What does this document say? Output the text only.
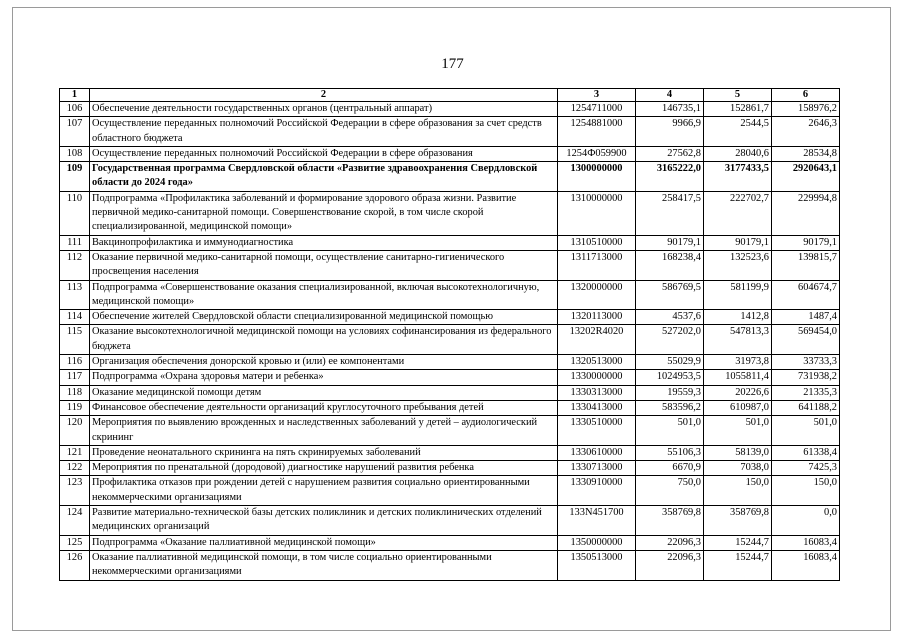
177
1	2	3	4	5	6
106	Обеспечение деятельности государственных органов (центральный аппарат)	1254711000	146735,1	152861,7	158976,2
107	Осуществление переданных полномочий Российской Федерации в сфере образования за счет средств областного бюджета	1254881000	9966,9	2544,5	2646,3
108	Осуществление переданных полномочий Российской Федерации в сфере образования	1254Ф059900	27562,8	28040,6	28534,8
109	Государственная программа Свердловской области «Развитие здравоохранения Свердловской области до 2024 года»	1300000000	3165222,0	3177433,5	2920643,1
110	Подпрограмма «Профилактика заболеваний и формирование здорового образа жизни. Развитие первичной медико-санитарной помощи. Совершенствование скорой, в том числе скорой специализированной, медицинской помощи»	1310000000	258417,5	222702,7	229994,8
111	Вакцинопрофилактика и иммунодиагностика	1310510000	90179,1	90179,1	90179,1
112	Оказание первичной медико-санитарной помощи, осуществление санитарно-гигиенического просвещения населения	1311713000	168238,4	132523,6	139815,7
113	Подпрограмма «Совершенствование оказания специализированной, включая высокотехнологичную, медицинской помощи»	1320000000	586769,5	581199,9	604674,7
114	Обеспечение жителей Свердловской области специализированной медицинской помощью	1320113000	4537,6	1412,8	1487,4
115	Оказание высокотехнологичной медицинской помощи на условиях софинансирования из федерального бюджета	13202R4020	527202,0	547813,3	569454,0
116	Организация обеспечения донорской кровью и (или) ее компонентами	1320513000	55029,9	31973,8	33733,3
117	Подпрограмма «Охрана здоровья матери и ребенка»	1330000000	1024953,5	1055811,4	731938,2
118	Оказание медицинской помощи детям	1330313000	19559,3	20226,6	21335,3
119	Финансовое обеспечение деятельности организаций круглосуточного пребывания детей	1330413000	583596,2	610987,0	641188,2
120	Мероприятия по выявлению врожденных и наследственных заболеваний у детей – аудиологический скрининг	1330510000	501,0	501,0	501,0
121	Проведение неонатального скрининга на пять скринируемых заболеваний	1330610000	55106,3	58139,0	61338,4
122	Мероприятия по пренатальной (дородовой) диагностике нарушений развития ребенка	1330713000	6670,9	7038,0	7425,3
123	Профилактика отказов при рождении детей с нарушением развития социально ориентированными некоммерческими организациями	1330910000	750,0	150,0	150,0
124	Развитие материально-технической базы детских поликлиник и детских поликлинических отделений медицинских организаций	133N451700	358769,8	358769,8	0,0
125	Подпрограмма «Оказание паллиативной медицинской помощи»	1350000000	22096,3	15244,7	16083,4
126	Оказание паллиативной медицинской помощи, в том числе социально ориентированными некоммерческими организациями	1350513000	22096,3	15244,7	16083,4
